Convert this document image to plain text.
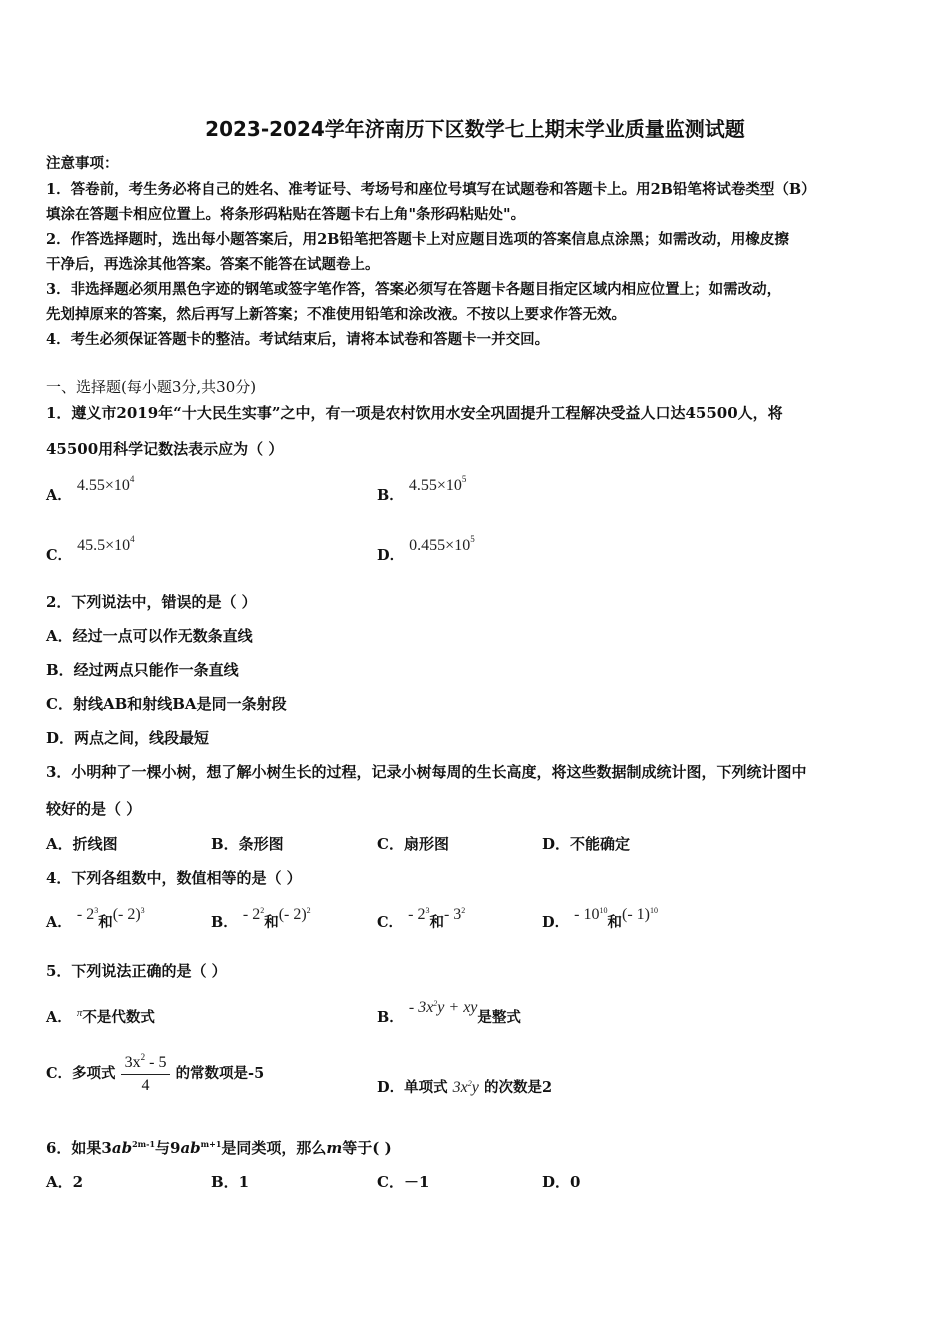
2023-2024学年济南历下区数学七上期末学业质量监测试题
注意事项：
1．答卷前，考生务必将自己的姓名、准考证号、考场号和座位号填写在试题卷和答题卡上。用2B铅笔将试卷类型（B）
填涂在答题卡相应位置上。将条形码粘贴在答题卡右上角"条形码粘贴处"。
2．作答选择题时，选出每小题答案后，用2B铅笔把答题卡上对应题目选项的答案信息点涂黑；如需改动，用橡皮擦
干净后，再选涂其他答案。答案不能答在试题卷上。
3．非选择题必须用黑色字迹的钢笔或签字笔作答，答案必须写在答题卡各题目指定区域内相应位置上；如需改动，
先划掉原来的答案，然后再写上新答案；不准使用铅笔和涂改液。不按以上要求作答无效。
4．考生必须保证答题卡的整洁。考试结束后，请将本试卷和答题卡一并交回。
一、选择题(每小题3分,共30分)
1．遵义市2019年“十大民生实事”之中，有一项是农村饮用水安全巩固提升工程解决受益人口达45500人，将
45500用科学记数法表示应为（ ）
A． $4.55\times 10^4$
B． $4.55\times 10^5$
C． $45.5\times 10^4$
D． $0.455\times 10^5$
2．下列说法中，错误的是（ ）
A．经过一点可以作无数条直线
B．经过两点只能作一条直线
C．射线AB和射线BA是同一条射段
D．两点之间，线段最短
3．小明种了一棵小树，想了解小树生长的过程，记录小树每周的生长高度，将这些数据制成统计图，下列统计图中
较好的是（ ）
A．折线图	B．条形图	C．扇形图	D．不能确定
4．下列各组数中，数值相等的是（ ）
A． - $2^3$和(- 2)$^3$
B． - $2^2$和(- 2)$^2$
C． - $2^3$和- $3^2$
D． - $10^{10}$和(- 1)$^{10}$
5．下列说法正确的是（ ）
A． π不是代数式	B． - $3x^2y$ + xy是整式
C．多项式 $\frac{3x^2 - 5}{4}$ 的常数项是-5
D．单项式 $3x^2y$ 的次数是2
6．如果$3ab^{2m-1}$与$9ab^{m+1}$是同类项，那么m等于( )
A．2	B．1	C．－1	D．0
